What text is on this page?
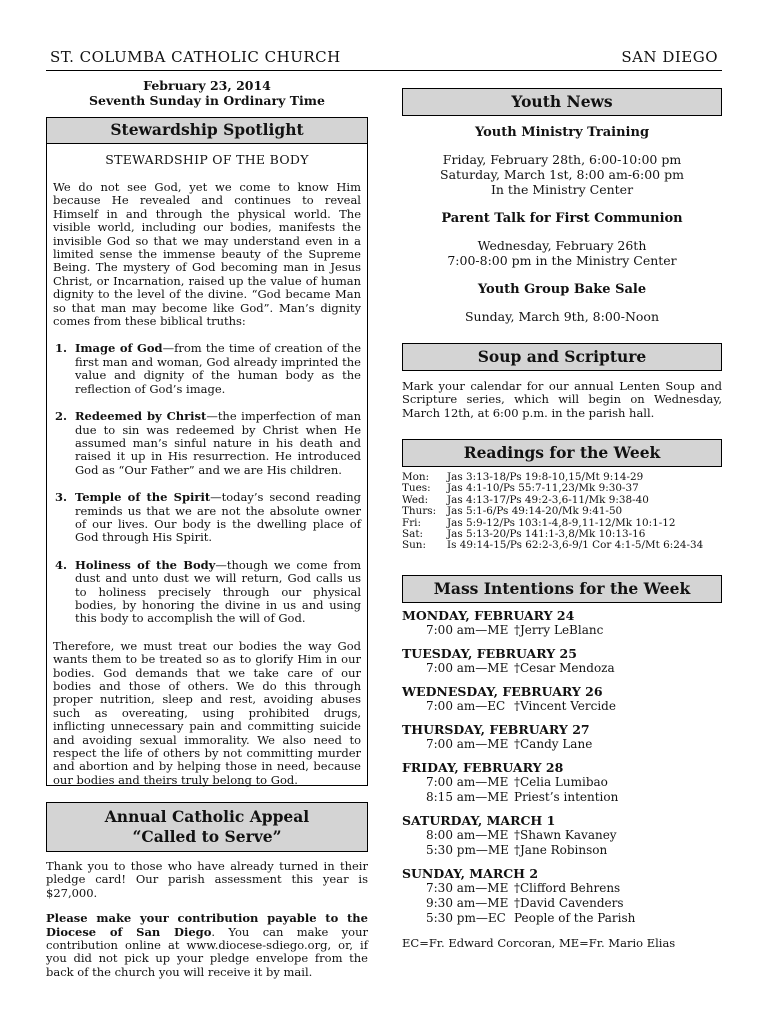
ST. COLUMBA CATHOLIC CHURCH	SAN DIEGO
February 23, 2014
Seventh Sunday in Ordinary Time
Stewardship Spotlight
STEWARDSHIP OF THE BODY

We do not see God, yet we come to know Him because He revealed and continues to reveal Himself in and through the physical world. The visible world, including our bodies, manifests the invisible God so that we may understand even in a limited sense the immense beauty of the Supreme Being. The mystery of God becoming man in Jesus Christ, or Incarnation, raised up the value of human dignity to the level of the divine. “God became Man so that man may become like God”. Man’s dignity comes from these biblical truths:

1. Image of God—from the time of creation of the first man and woman, God already imprinted the value and dignity of the human body as the reflection of God’s image.
2. Redeemed by Christ—the imperfection of man due to sin was redeemed by Christ when He assumed man’s sinful nature in his death and raised it up in His resurrection. He introduced God as “Our Father” and we are His children.
3. Temple of the Spirit—today’s second reading reminds us that we are not the absolute owner of our lives. Our body is the dwelling place of God through His Spirit.
4. Holiness of the Body—though we come from dust and unto dust we will return, God calls us to holiness precisely through our physical bodies, by honoring the divine in us and using this body to accomplish the will of God.

Therefore, we must treat our bodies the way God wants them to be treated so as to glorify Him in our bodies. God demands that we take care of our bodies and those of others. We do this through proper nutrition, sleep and rest, avoiding abuses such as overeating, using prohibited drugs, inflicting unnecessary pain and committing suicide and avoiding sexual immorality. We also need to respect the life of others by not committing murder and abortion and by helping those in need, because our bodies and theirs truly belong to God.

Annual Catholic Appeal
“Called to Serve”

Thank you to those who have already turned in their pledge card! Our parish assessment this year is $27,000.

Please make your contribution payable to the Diocese of San Diego. You can make your contribution online at www.diocese-sdiego.org, or, if you did not pick up your pledge envelope from the back of the church you will receive it by mail.

Youth News
Youth Ministry Training
Friday, February 28th, 6:00-10:00 pm
Saturday, March 1st, 8:00 am-6:00 pm
In the Ministry Center
Parent Talk for First Communion
Wednesday, February 26th
7:00-8:00 pm in the Ministry Center
Youth Group Bake Sale
Sunday, March 9th, 8:00-Noon
Soup and Scripture

Mark your calendar for our annual Lenten Soup and Scripture series, which will begin on Wednesday, March 12th, at 6:00 p.m. in the parish hall.

Readings for the Week
Mon:	Jas 3:13-18/Ps 19:8-10,15/Mt 9:14-29
Tues:	Jas 4:1-10/Ps 55:7-11,23/Mk 9:30-37
Wed:	Jas 4:13-17/Ps 49:2-3,6-11/Mk 9:38-40
Thurs:	Jas 5:1-6/Ps 49:14-20/Mk 9:41-50
Fri:	Jas 5:9-12/Ps 103:1-4,8-9,11-12/Mk 10:1-12
Sat:	Jas 5:13-20/Ps 141:1-3,8/Mk 10:13-16
Sun:	Is 49:14-15/Ps 62:2-3,6-9/1 Cor 4:1-5/Mt 6:24-34
Mass Intentions for the Week
MONDAY, FEBRUARY 24
7:00 am—ME †Jerry LeBlanc
TUESDAY, FEBRUARY 25
7:00 am—ME †Cesar Mendoza
WEDNESDAY, FEBRUARY 26
7:00 am—EC †Vincent Vercide
THURSDAY, FEBRUARY 27
7:00 am—ME †Candy Lane
FRIDAY, FEBRUARY 28
7:00 am—ME †Celia Lumibao
8:15 am—ME Priest’s intention
SATURDAY, MARCH 1
8:00 am—ME †Shawn Kavaney
5:30 pm—ME †Jane Robinson
SUNDAY, MARCH 2
7:30 am—ME †Clifford Behrens
9:30 am—ME †David Cavenders
5:30 pm—EC People of the Parish
EC=Fr. Edward Corcoran, ME=Fr. Mario Elias
